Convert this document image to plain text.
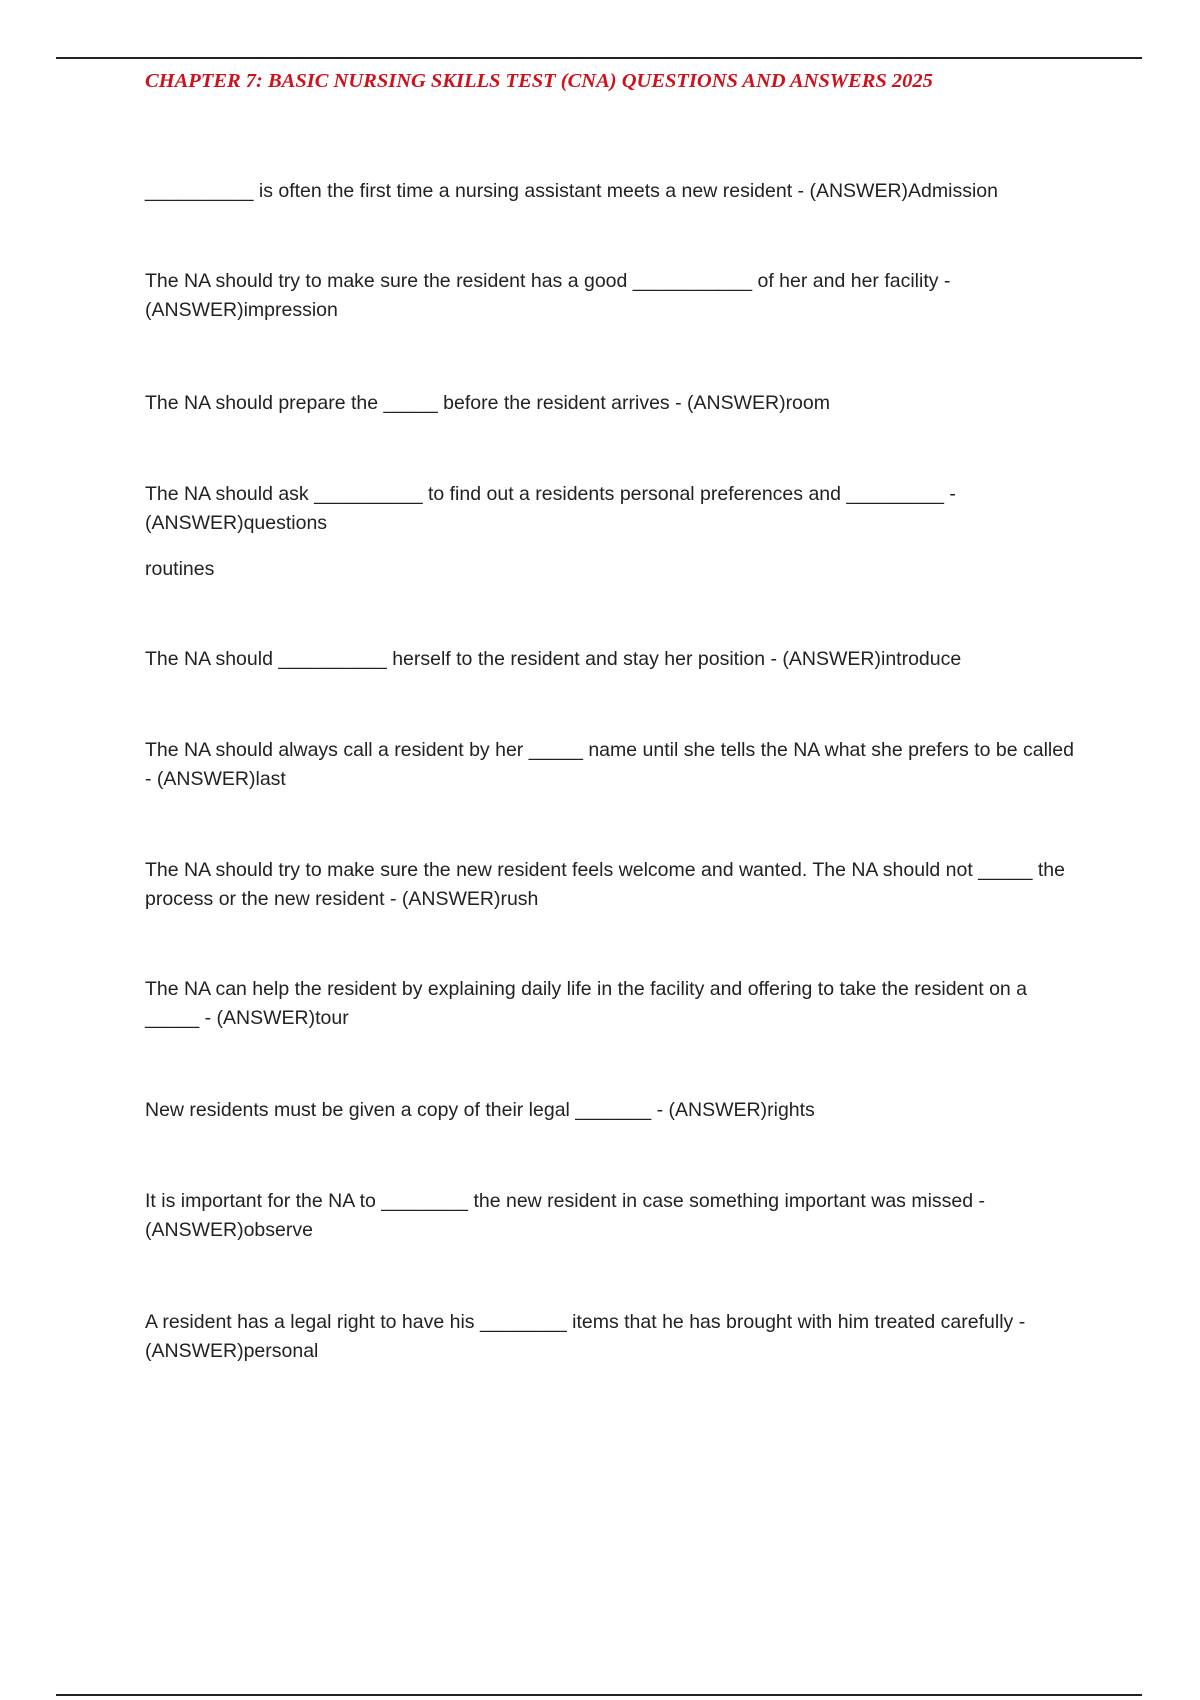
CHAPTER 7: BASIC NURSING SKILLS TEST (CNA) QUESTIONS AND ANSWERS 2025

__________ is often the first time a nursing assistant meets a new resident - (ANSWER)Admission

The NA should try to make sure the resident has a good ___________ of her and her facility - (ANSWER)impression

The NA should prepare the _____ before the resident arrives - (ANSWER)room

The NA should ask __________ to find out a residents personal preferences and _________ - (ANSWER)questions

routines

The NA should __________ herself to the resident and stay her position - (ANSWER)introduce

The NA should always call a resident by her _____ name until she tells the NA what she prefers to be called - (ANSWER)last

The NA should try to make sure the new resident feels welcome and wanted. The NA should not _____ the process or the new resident - (ANSWER)rush

The NA can help the resident by explaining daily life in the facility and offering to take the resident on a _____ - (ANSWER)tour

New residents must be given a copy of their legal _______ - (ANSWER)rights

It is important for the NA to ________ the new resident in case something important was missed - (ANSWER)observe

A resident has a legal right to have his ________ items that he has brought with him treated carefully - (ANSWER)personal
